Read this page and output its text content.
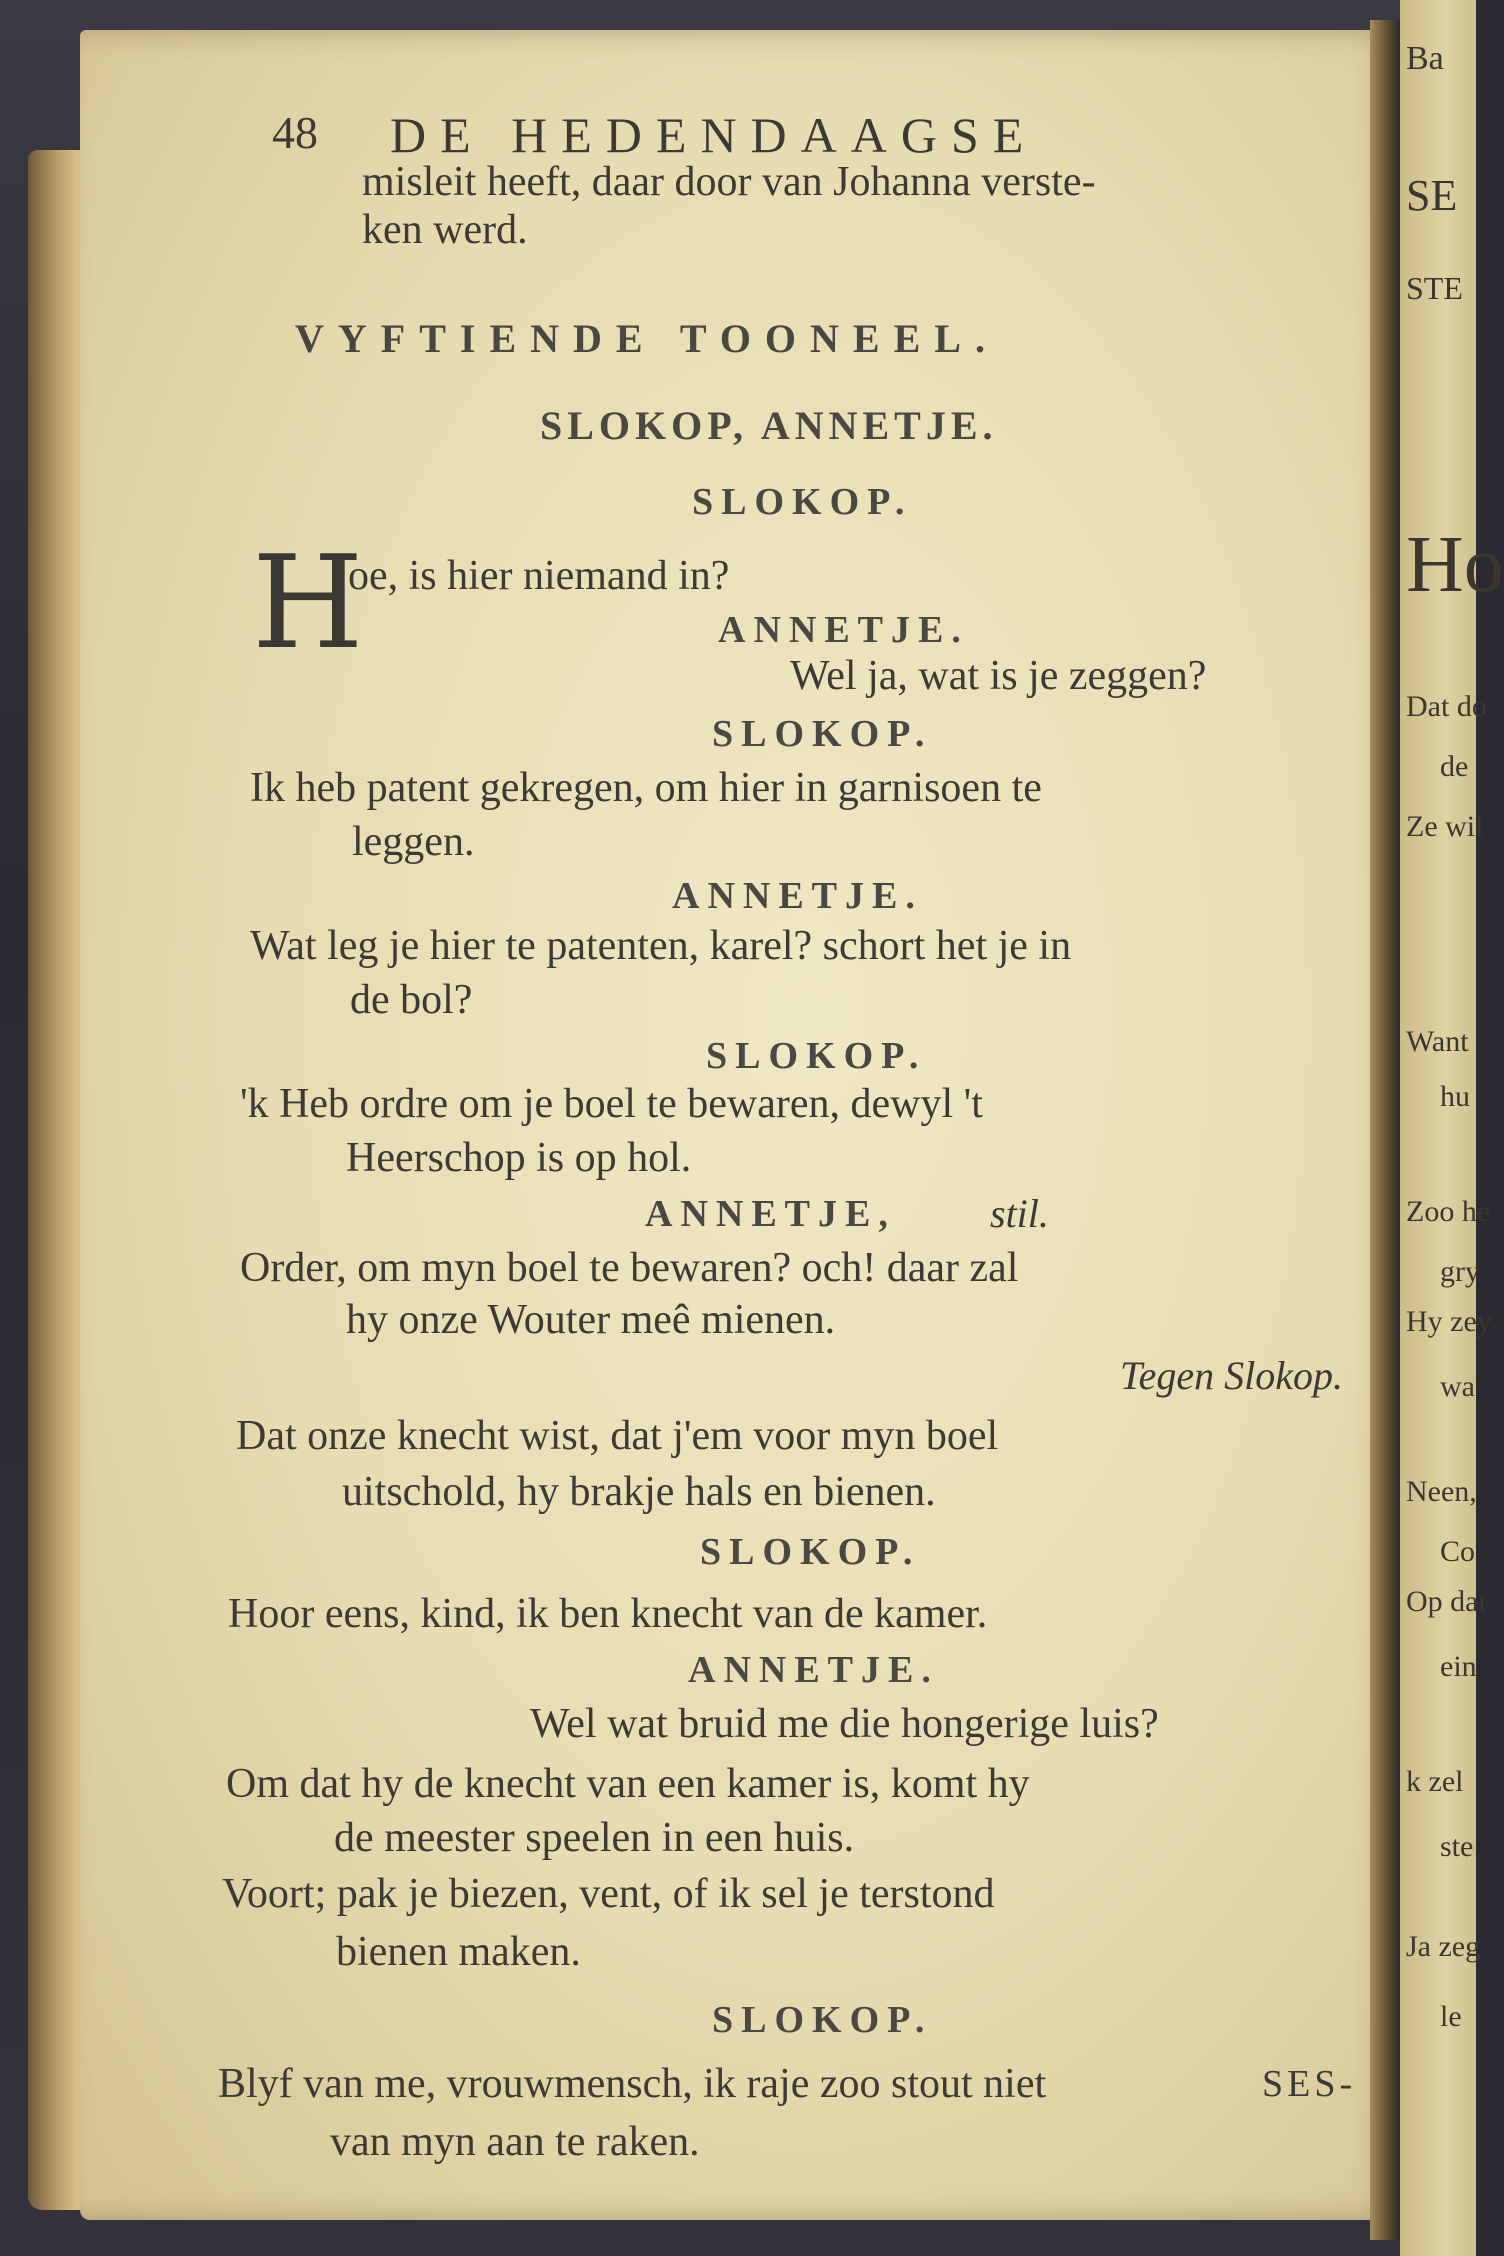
Ba
SE
STE
Ho
Dat do
de
Ze wil
Want
hu
Zoo he
gry
Hy zey
wa
Neen,
Co
Op dat
ein
k zel
ste
Ja zeg
le
48 DE HEDENDAAGSE
misleit heeft, daar door van Johanna verste-
ken werd.
VYFTIENDE TOONEEL.
SLOKOP, ANNETJE.
SLOKOP.
H
oe, is hier niemand in?
ANNETJE.
Wel ja, wat is je zeggen?
SLOKOP.
Ik heb patent gekregen, om hier in garnisoen te
leggen.
ANNETJE.
Wat leg je hier te patenten, karel? schort het je in
de bol?
SLOKOP.
'k Heb ordre om je boel te bewaren, dewyl 't
Heerschop is op hol.
ANNETJE, stil.
Order, om myn boel te bewaren? och! daar zal
hy onze Wouter meê mienen.
Tegen Slokop.
Dat onze knecht wist, dat j'em voor myn boel
uitschold, hy brakje hals en bienen.
SLOKOP.
Hoor eens, kind, ik ben knecht van de kamer.
ANNETJE.
Wel wat bruid me die hongerige luis?
Om dat hy de knecht van een kamer is, komt hy
de meester speelen in een huis.
Voort; pak je biezen, vent, of ik sel je terstond
bienen maken.
SLOKOP.
Blyf van me, vrouwmensch, ik raje zoo stout niet
van myn aan te raken.
SES-
